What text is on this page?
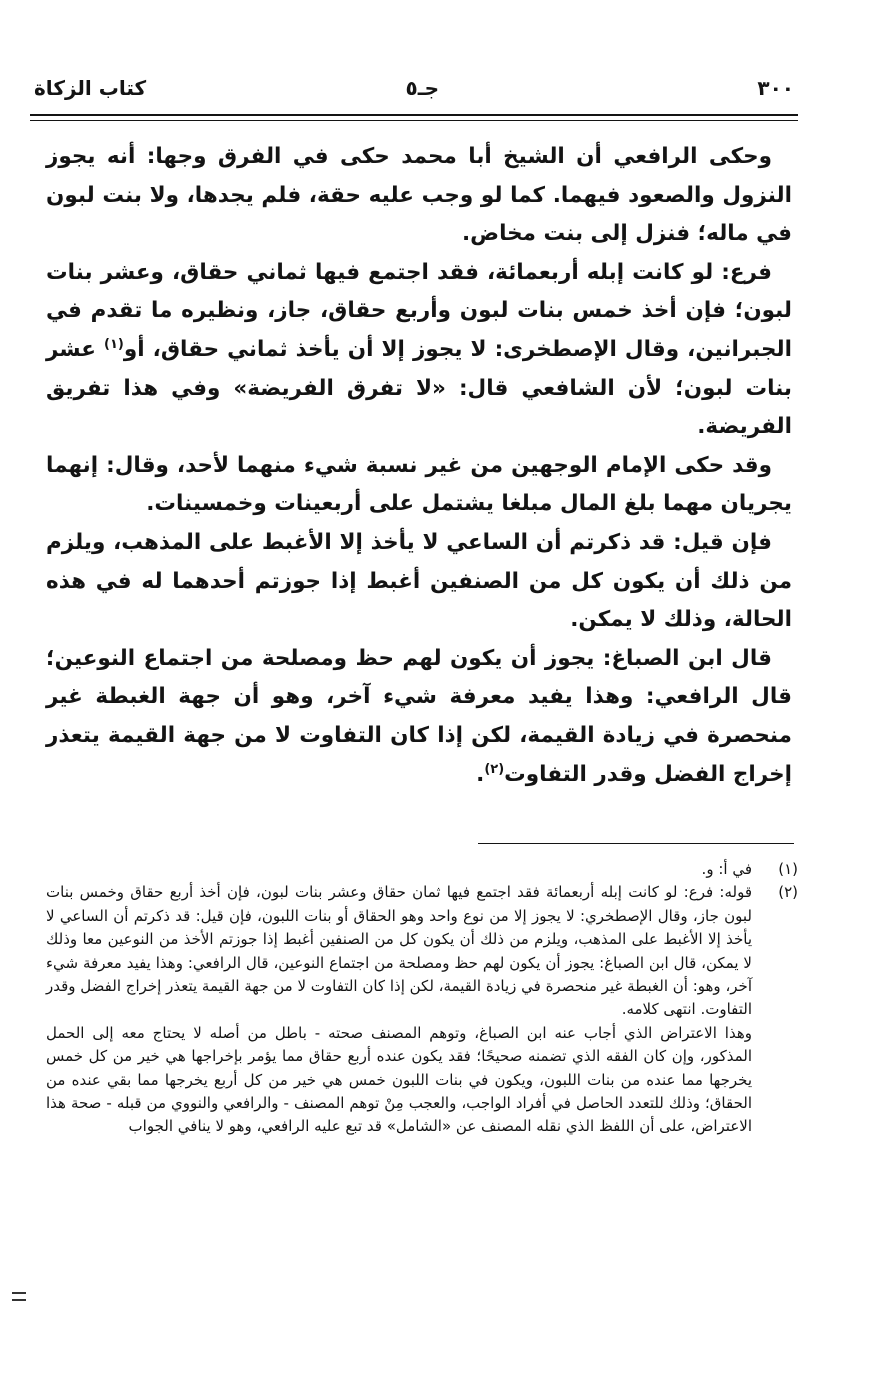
٣٠٠
جـ٥
كتاب الزكاة

وحكى الرافعي أن الشيخ أبا محمد حكى في الفرق وجها: أنه يجوز النزول والصعود فيهما. كما لو وجب عليه حقة، فلم يجدها، ولا بنت لبون في ماله؛ فنزل إلى بنت مخاض.

فرع: لو كانت إبله أربعمائة، فقد اجتمع فيها ثماني حقاق، وعشر بنات لبون؛ فإن أخذ خمس بنات لبون وأربع حقاق، جاز، ونظيره ما تقدم في الجبرانين، وقال الإصطخرى: لا يجوز إلا أن يأخذ ثماني حقاق، أو$^{(١)}$ عشر بنات لبون؛ لأن الشافعي قال: «لا تفرق الفريضة» وفي هذا تفريق الفريضة.

وقد حكى الإمام الوجهين من غير نسبة شيء منهما لأحد، وقال: إنهما يجريان مهما بلغ المال مبلغا يشتمل على أربعينات وخمسينات.

فإن قيل: قد ذكرتم أن الساعي لا يأخذ إلا الأغبط على المذهب، ويلزم من ذلك أن يكون كل من الصنفين أغبط إذا جوزتم أحدهما له في هذه الحالة، وذلك لا يمكن.

قال ابن الصباغ: يجوز أن يكون لهم حظ ومصلحة من اجتماع النوعين؛ قال الرافعي: وهذا يفيد معرفة شيء آخر، وهو أن جهة الغبطة غير منحصرة في زيادة القيمة، لكن إذا كان التفاوت لا من جهة القيمة يتعذر إخراج الفضل وقدر التفاوت$^{(٢)}$.

(١)
في أ: و.

(٢)
قوله: فرع: لو كانت إبله أربعمائة فقد اجتمع فيها ثمان حقاق وعشر بنات لبون، فإن أخذ أربع حقاق وخمس بنات لبون جاز، وقال الإصطخري: لا يجوز إلا من نوع واحد وهو الحقاق أو بنات اللبون، فإن قيل: قد ذكرتم أن الساعي لا يأخذ إلا الأغبط على المذهب، ويلزم من ذلك أن يكون كل من الصنفين أغبط إذا جوزتم الأخذ من النوعين معا وذلك لا يمكن، قال ابن الصباغ: يجوز أن يكون لهم حظ ومصلحة من اجتماع النوعين، قال الرافعي: وهذا يفيد معرفة شيء آخر، وهو: أن الغبطة غير منحصرة في زيادة القيمة، لكن إذا كان التفاوت لا من جهة القيمة يتعذر إخراج الفضل وقدر التفاوت. انتهى كلامه.

وهذا الاعتراض الذي أجاب عنه ابن الصباغ، وتوهم المصنف صحته - باطل من أصله لا يحتاج معه إلى الحمل المذكور، وإن كان الفقه الذي تضمنه صحيحًا؛ فقد يكون عنده أربع حقاق مما يؤمر بإخراجها هي خير من كل خمس يخرجها مما عنده من بنات اللبون، ويكون في بنات اللبون خمس هي خير من كل أربع يخرجها مما بقي عنده من الحقاق؛ وذلك للتعدد الحاصل في أفراد الواجب، والعجب مِنْ توهم المصنف - والرافعي والنووي من قبله - صحة هذا الاعتراض، على أن اللفظ الذي نقله المصنف عن «الشامل» قد تبع عليه الرافعي، وهو لا ينافي الجواب
